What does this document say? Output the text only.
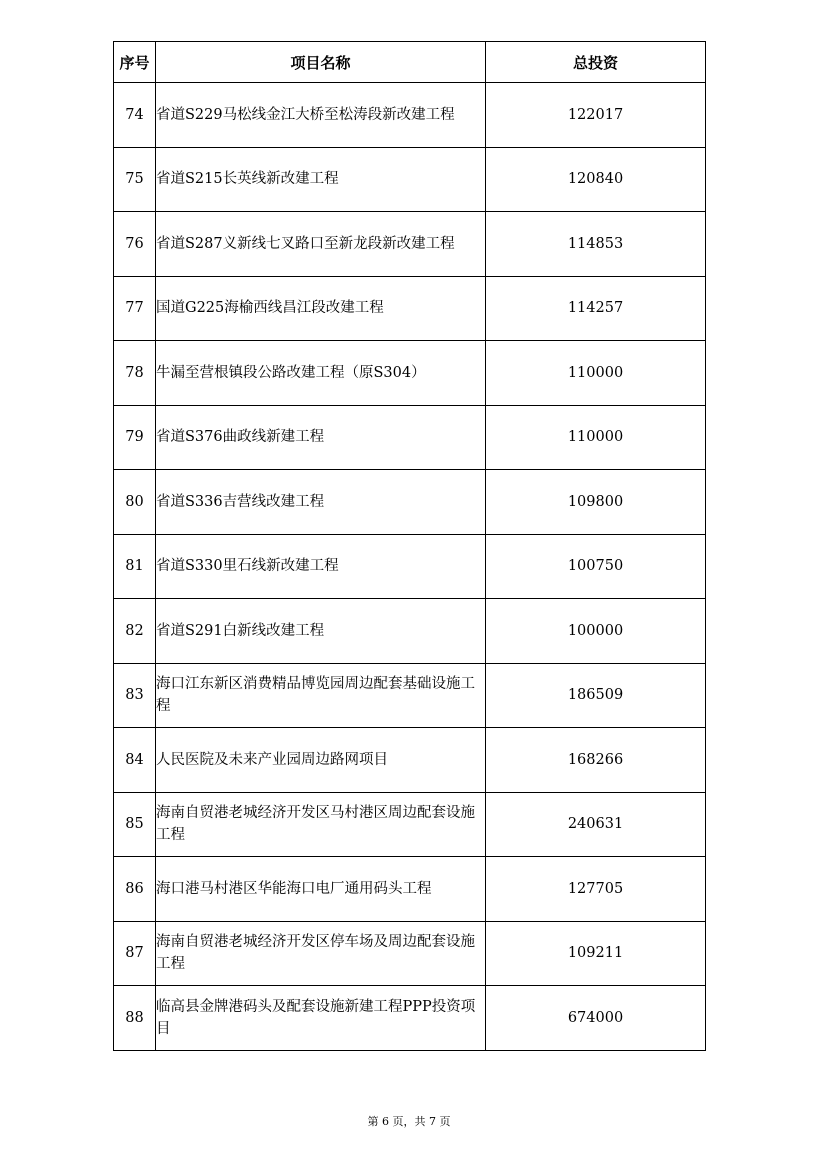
序号	项目名称	总投资
74	省道S229马松线金江大桥至松涛段新改建工程	122017
75	省道S215长英线新改建工程	120840
76	省道S287义新线七叉路口至新龙段新改建工程	114853
77	国道G225海榆西线昌江段改建工程	114257
78	牛漏至营根镇段公路改建工程（原S304）	110000
79	省道S376曲政线新建工程	110000
80	省道S336吉营线改建工程	109800
81	省道S330里石线新改建工程	100750
82	省道S291白新线改建工程	100000
83	海口江东新区消费精品博览园周边配套基础设施工程	186509
84	人民医院及未来产业园周边路网项目	168266
85	海南自贸港老城经济开发区马村港区周边配套设施工程	240631
86	海口港马村港区华能海口电厂通用码头工程	127705
87	海南自贸港老城经济开发区停车场及周边配套设施工程	109211
88	临高县金牌港码头及配套设施新建工程PPP投资项目	674000
第 6 页，共 7 页
